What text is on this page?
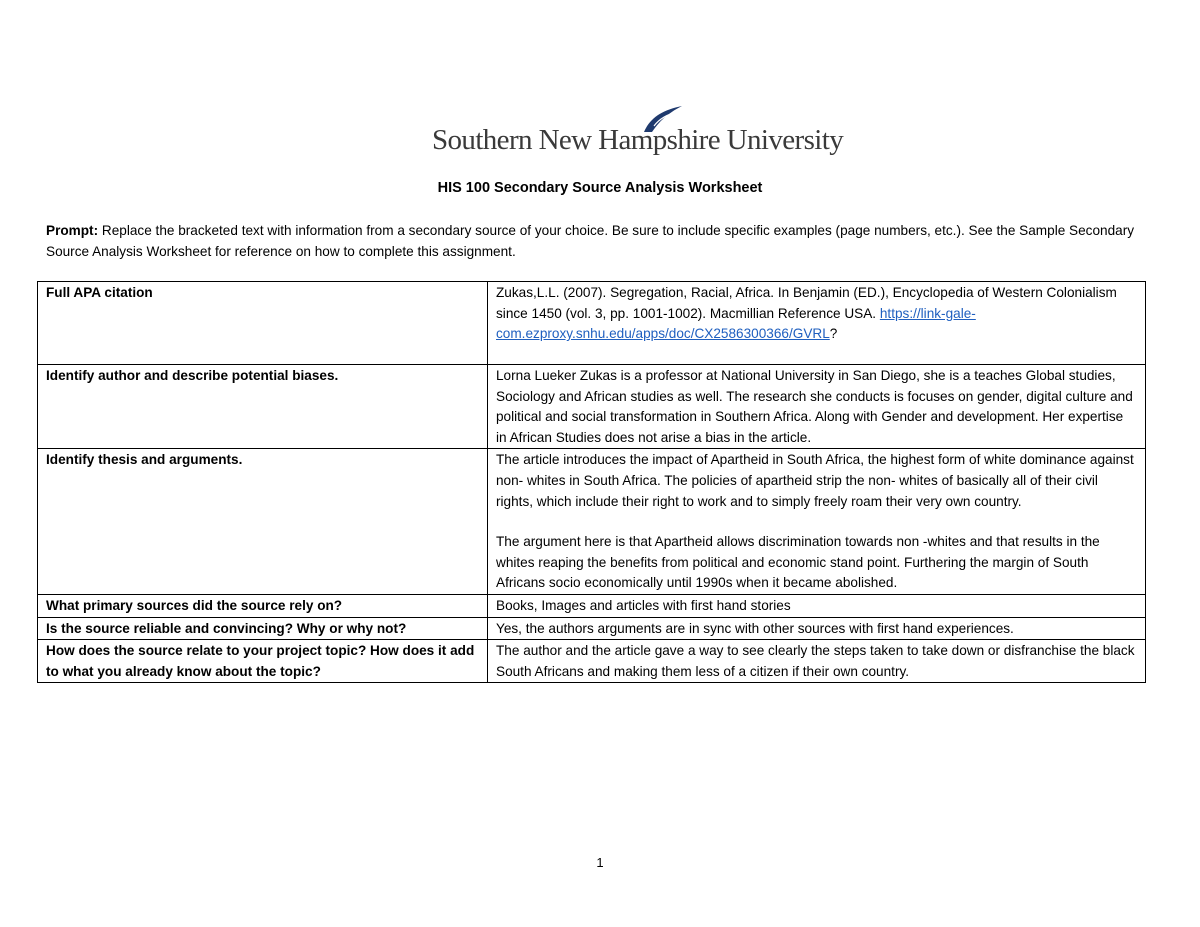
Southern New Hampshire University
HIS 100 Secondary Source Analysis Worksheet
Prompt: Replace the bracketed text with information from a secondary source of your choice. Be sure to include specific examples (page numbers, etc.). See the Sample Secondary Source Analysis Worksheet for reference on how to complete this assignment.
Full APA citation	Zukas,L.L. (2007). Segregation, Racial, Africa. In Benjamin (ED.), Encyclopedia of Western Colonialism since 1450 (vol. 3, pp. 1001-1002). Macmillian Reference USA. https://link-gale-com.ezproxy.snhu.edu/apps/doc/CX2586300366/GVRL?
Identify author and describe potential biases.	Lorna Lueker Zukas is a professor at National University in San Diego, she is a teaches Global studies, Sociology and African studies as well. The research she conducts is focuses on gender, digital culture and political and social transformation in Southern Africa. Along with Gender and development. Her expertise in African Studies does not arise a bias in the article.
Identify thesis and arguments.	The article introduces the impact of Apartheid in South Africa, the highest form of white dominance against non- whites in South Africa. The policies of apartheid strip the non- whites of basically all of their civil rights, which include their right to work and to simply freely roam their very own country.
The argument here is that Apartheid allows discrimination towards non -whites and that results in the whites reaping the benefits from political and economic stand point. Furthering the margin of South Africans socio economically until 1990s when it became abolished.

What primary sources did the source rely on?	Books, Images and articles with first hand stories
Is the source reliable and convincing? Why or why not?	Yes, the authors arguments are in sync with other sources with first hand experiences.
How does the source relate to your project topic? How does it add to what you already know about the topic?	The author and the article gave a way to see clearly the steps taken to take down or disfranchise the black South Africans and making them less of a citizen if their own country.
1
